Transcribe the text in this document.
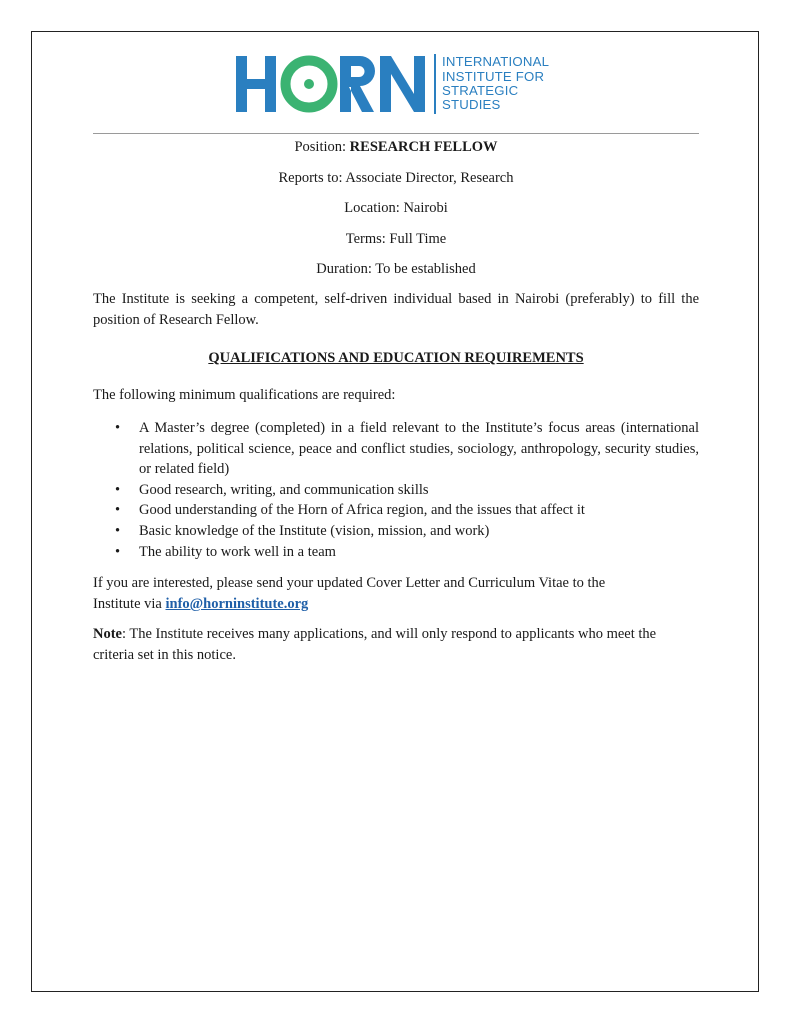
INTERNATIONAL
INSTITUTE FOR
STRATEGIC
STUDIES
Position: RESEARCH FELLOW
Reports to: Associate Director, Research
Location: Nairobi
Terms: Full Time
Duration: To be established

The Institute is seeking a competent, self-driven individual based in Nairobi (preferably) to fill the position of Research Fellow.

QUALIFICATIONS AND EDUCATION REQUIREMENTS

The following minimum qualifications are required:

• A Master’s degree (completed) in a field relevant to the Institute’s focus areas (international relations, political science, peace and conflict studies, sociology, anthropology, security studies, or related field)
• Good research, writing, and communication skills
• Good understanding of the Horn of Africa region, and the issues that affect it
• Basic knowledge of the Institute (vision, mission, and work)
• The ability to work well in a team
If you are interested, please send your updated Cover Letter and Curriculum Vitae to the
Institute via info@horninstitute.org

Note: The Institute receives many applications, and will only respond to applicants who meet the criteria set in this notice.
